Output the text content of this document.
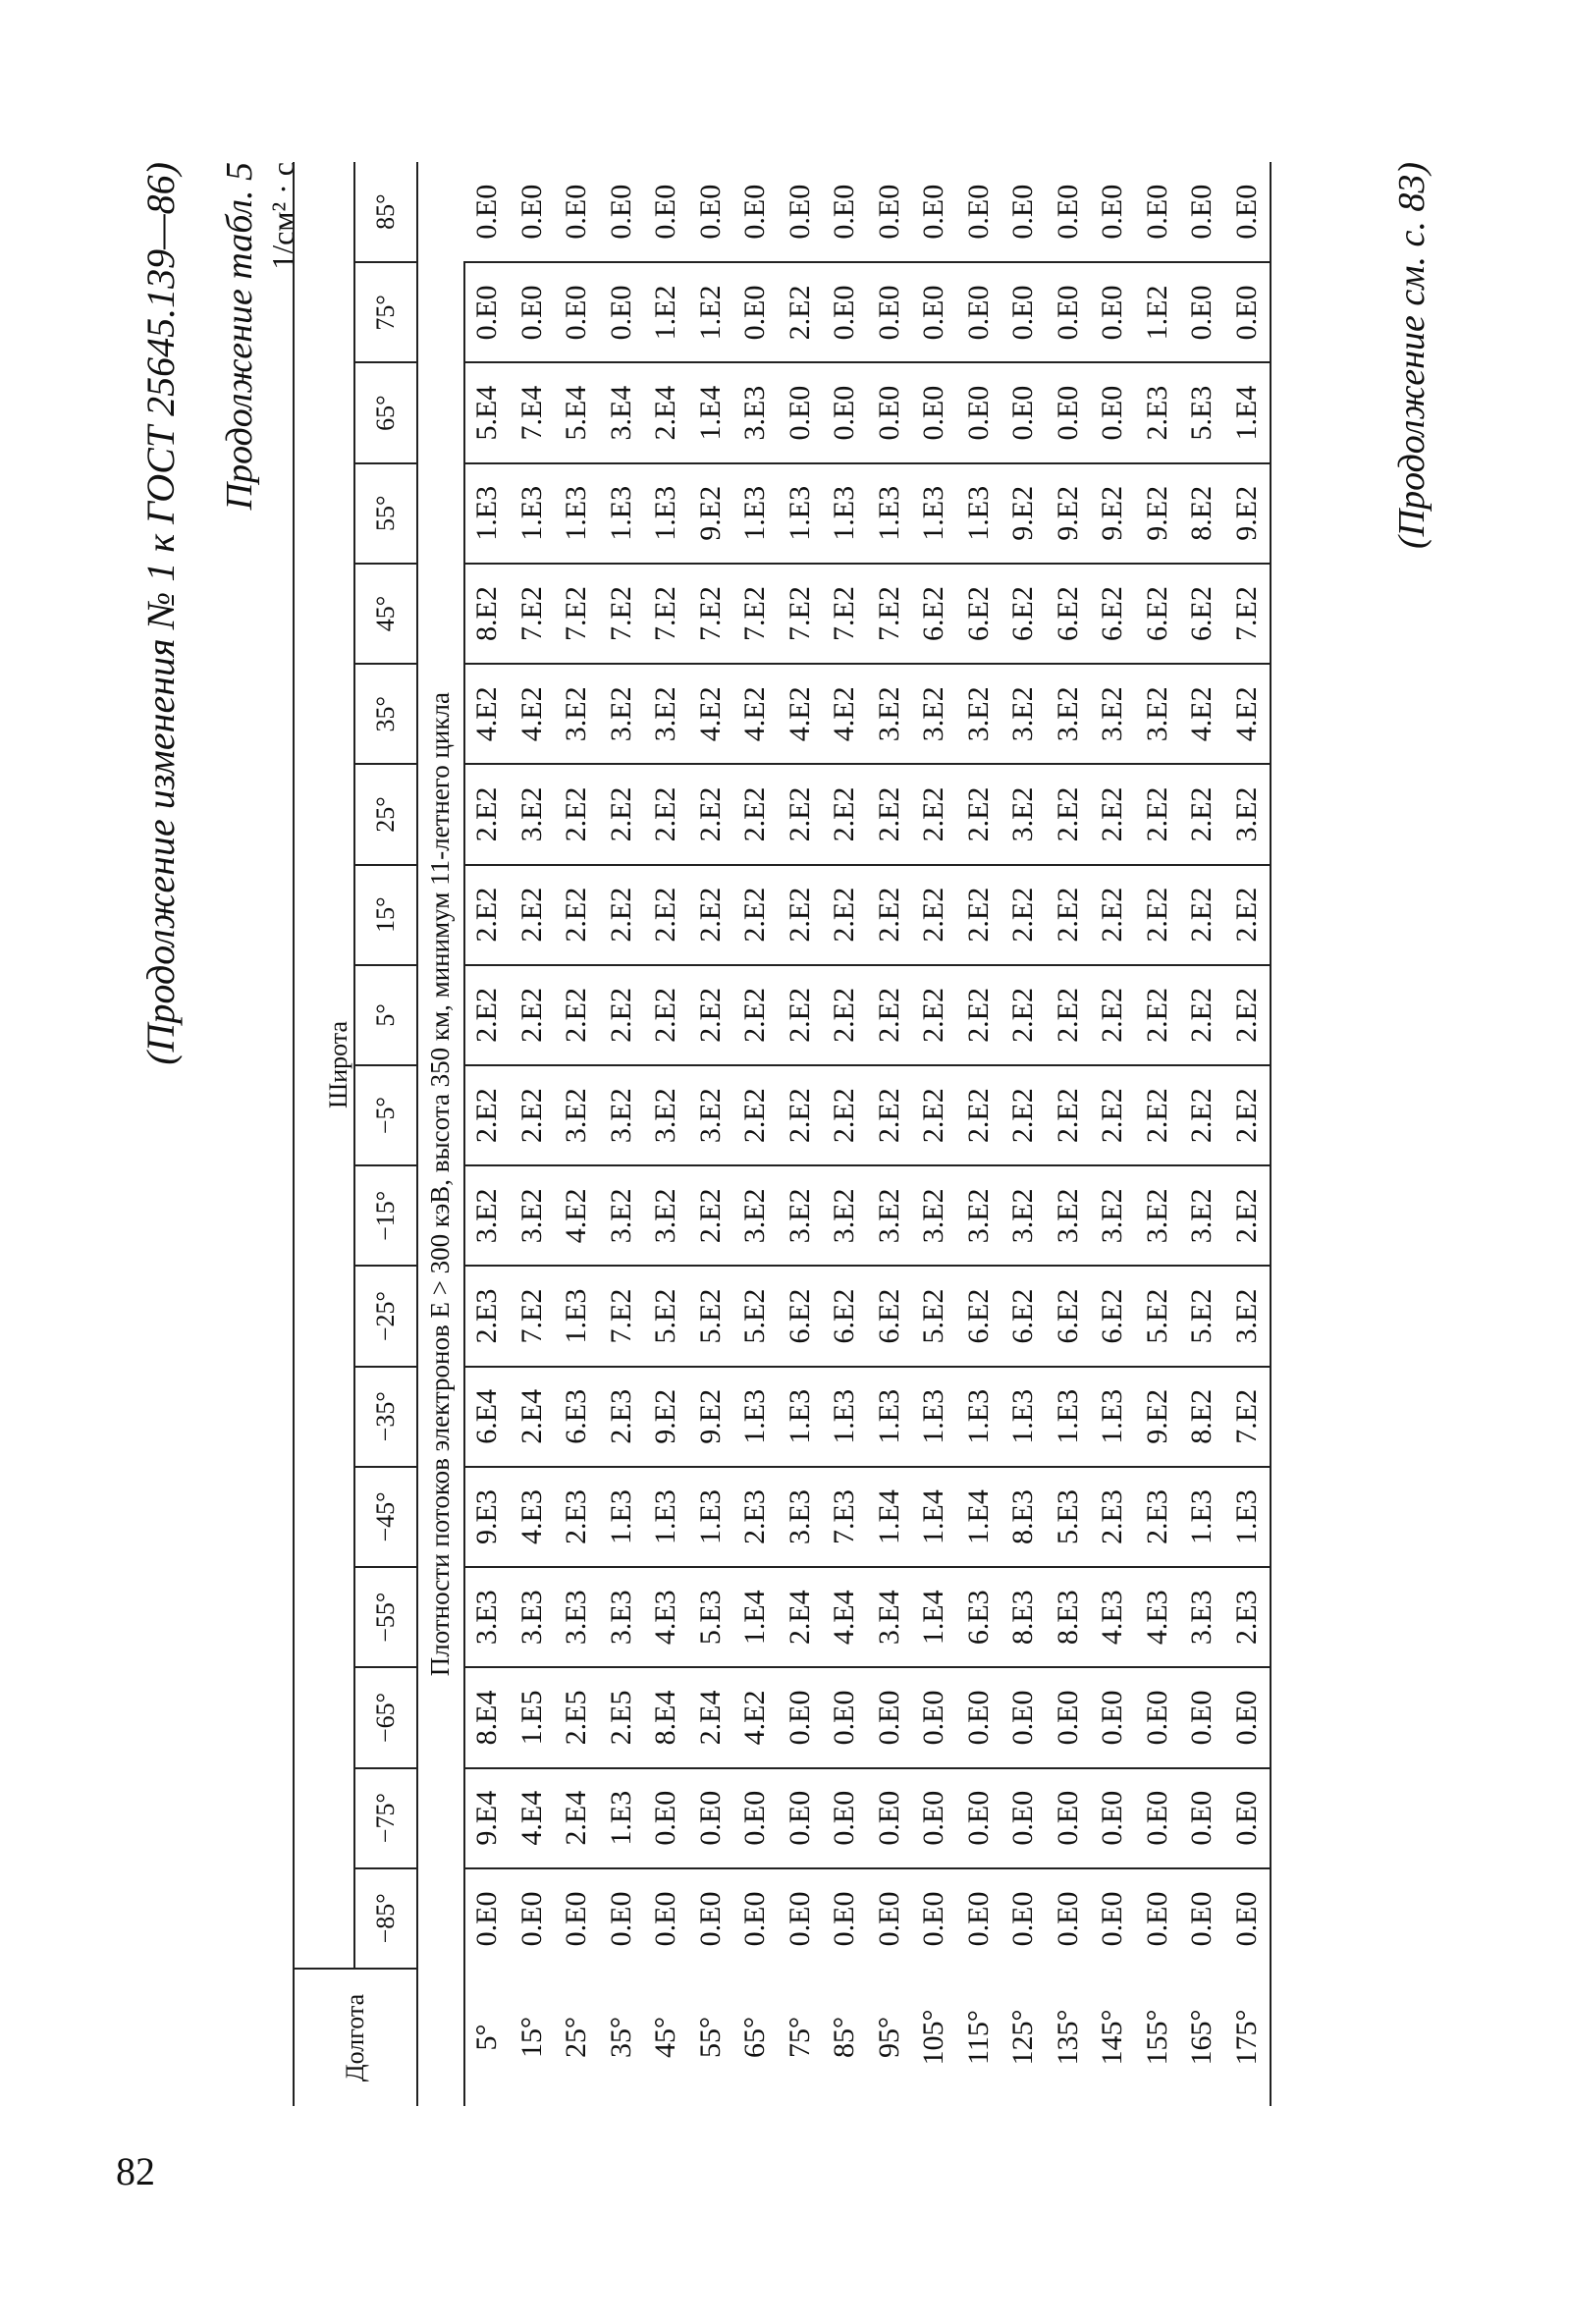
82
(Продолжение изменения № 1 к ГОСТ 25645.139—86) Продолжение табл. 5 1/см² · с
Долгота	Широта																	
	−85°	−75°	−65°	−55°	−45°	−35°	−25°	−15°	−5°	5°	15°	25°	35°	45°	55°	65°	75°	85°
Плотности потоков электронов E > 300 кэВ, высота 350 км, минимум 11-летнего цикла																		
5°	0.E0	9.E4	8.E4	3.E3	9.E3	6.E4	2.E3	3.E2	2.E2	2.E2	2.E2	2.E2	4.E2	8.E2	1.E3	5.E4	0.E0	0.E0
15°	0.E0	4.E4	1.E5	3.E3	4.E3	2.E4	7.E2	3.E2	2.E2	2.E2	2.E2	3.E2	4.E2	7.E2	1.E3	7.E4	0.E0	0.E0
25°	0.E0	2.E4	2.E5	3.E3	2.E3	6.E3	1.E3	4.E2	3.E2	2.E2	2.E2	2.E2	3.E2	7.E2	1.E3	5.E4	0.E0	0.E0
35°	0.E0	1.E3	2.E5	3.E3	1.E3	2.E3	7.E2	3.E2	3.E2	2.E2	2.E2	2.E2	3.E2	7.E2	1.E3	3.E4	0.E0	0.E0
45°	0.E0	0.E0	8.E4	4.E3	1.E3	9.E2	5.E2	3.E2	3.E2	2.E2	2.E2	2.E2	3.E2	7.E2	1.E3	2.E4	1.E2	0.E0
55°	0.E0	0.E0	2.E4	5.E3	1.E3	9.E2	5.E2	2.E2	3.E2	2.E2	2.E2	2.E2	4.E2	7.E2	9.E2	1.E4	1.E2	0.E0
65°	0.E0	0.E0	4.E2	1.E4	2.E3	1.E3	5.E2	3.E2	2.E2	2.E2	2.E2	2.E2	4.E2	7.E2	1.E3	3.E3	0.E0	0.E0
75°	0.E0	0.E0	0.E0	2.E4	3.E3	1.E3	6.E2	3.E2	2.E2	2.E2	2.E2	2.E2	4.E2	7.E2	1.E3	0.E0	2.E2	0.E0
85°	0.E0	0.E0	0.E0	4.E4	7.E3	1.E3	6.E2	3.E2	2.E2	2.E2	2.E2	2.E2	4.E2	7.E2	1.E3	0.E0	0.E0	0.E0
95°	0.E0	0.E0	0.E0	3.E4	1.E4	1.E3	6.E2	3.E2	2.E2	2.E2	2.E2	2.E2	3.E2	7.E2	1.E3	0.E0	0.E0	0.E0
105°	0.E0	0.E0	0.E0	1.E4	1.E4	1.E3	5.E2	3.E2	2.E2	2.E2	2.E2	2.E2	3.E2	6.E2	1.E3	0.E0	0.E0	0.E0
115°	0.E0	0.E0	0.E0	6.E3	1.E4	1.E3	6.E2	3.E2	2.E2	2.E2	2.E2	2.E2	3.E2	6.E2	1.E3	0.E0	0.E0	0.E0
125°	0.E0	0.E0	0.E0	8.E3	8.E3	1.E3	6.E2	3.E2	2.E2	2.E2	2.E2	3.E2	3.E2	6.E2	9.E2	0.E0	0.E0	0.E0
135°	0.E0	0.E0	0.E0	8.E3	5.E3	1.E3	6.E2	3.E2	2.E2	2.E2	2.E2	2.E2	3.E2	6.E2	9.E2	0.E0	0.E0	0.E0
145°	0.E0	0.E0	0.E0	4.E3	2.E3	1.E3	6.E2	3.E2	2.E2	2.E2	2.E2	2.E2	3.E2	6.E2	9.E2	0.E0	0.E0	0.E0
155°	0.E0	0.E0	0.E0	4.E3	2.E3	9.E2	5.E2	3.E2	2.E2	2.E2	2.E2	2.E2	3.E2	6.E2	9.E2	2.E3	1.E2	0.E0
165°	0.E0	0.E0	0.E0	3.E3	1.E3	8.E2	5.E2	3.E2	2.E2	2.E2	2.E2	2.E2	4.E2	6.E2	8.E2	5.E3	0.E0	0.E0
175°	0.E0	0.E0	0.E0	2.E3	1.E3	7.E2	3.E2	2.E2	2.E2	2.E2	2.E2	3.E2	4.E2	7.E2	9.E2	1.E4	0.E0	0.E0	(Продолжение см. с. 83)
